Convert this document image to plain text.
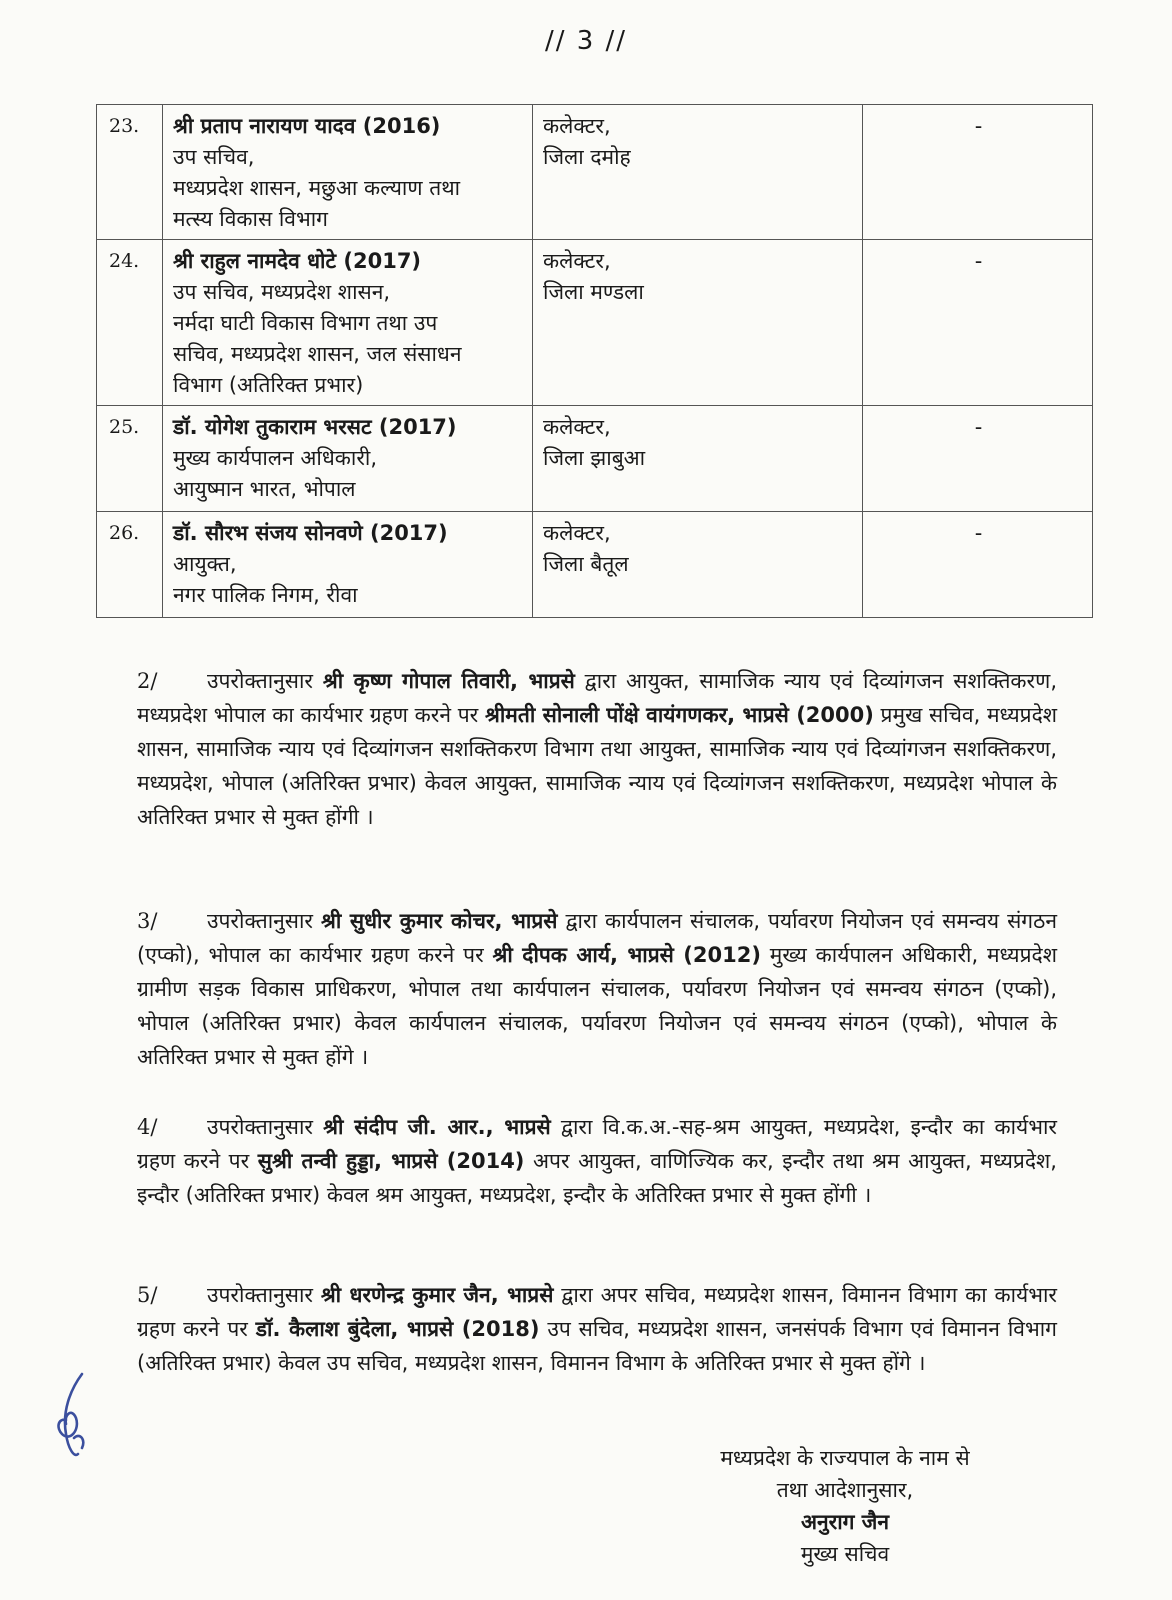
// 3 //
23.	श्री प्रताप नारायण यादव (2016)
उप सचिव,
मध्यप्रदेश शासन, मछुआ कल्याण तथा
मत्स्य विकास विभाग	कलेक्टर,
जिला दमोह	-
24.	श्री राहुल नामदेव धोटे (2017)
उप सचिव, मध्यप्रदेश शासन,
नर्मदा घाटी विकास विभाग तथा उप
सचिव, मध्यप्रदेश शासन, जल संसाधन
विभाग (अतिरिक्त प्रभार)	कलेक्टर,
जिला मण्डला	-
25.	डॉ. योगेश तुकाराम भरसट (2017)
मुख्य कार्यपालन अधिकारी,
आयुष्मान भारत, भोपाल	कलेक्टर,
जिला झाबुआ	-
26.	डॉ. सौरभ संजय सोनवणे (2017)
आयुक्त,
नगर पालिक निगम, रीवा	कलेक्टर,
जिला बैतूल	-
2/ उपरोक्तानुसार श्री कृष्ण गोपाल तिवारी, भाप्रसे द्वारा आयुक्त, सामाजिक न्याय एवं दिव्यांगजन सशक्तिकरण, मध्यप्रदेश भोपाल का कार्यभार ग्रहण करने पर श्रीमती सोनाली पोंक्षे वायंगणकर, भाप्रसे (2000) प्रमुख सचिव, मध्यप्रदेश शासन, सामाजिक न्याय एवं दिव्यांगजन सशक्तिकरण विभाग तथा आयुक्त, सामाजिक न्याय एवं दिव्यांगजन सशक्तिकरण, मध्यप्रदेश, भोपाल (अतिरिक्त प्रभार) केवल आयुक्त, सामाजिक न्याय एवं दिव्यांगजन सशक्तिकरण, मध्यप्रदेश भोपाल के अतिरिक्त प्रभार से मुक्त होंगी ।
3/ उपरोक्तानुसार श्री सुधीर कुमार कोचर, भाप्रसे द्वारा कार्यपालन संचालक, पर्यावरण नियोजन एवं समन्वय संगठन (एप्को), भोपाल का कार्यभार ग्रहण करने पर श्री दीपक आर्य, भाप्रसे (2012) मुख्य कार्यपालन अधिकारी, मध्यप्रदेश ग्रामीण सड़क विकास प्राधिकरण, भोपाल तथा कार्यपालन संचालक, पर्यावरण नियोजन एवं समन्वय संगठन (एप्को), भोपाल (अतिरिक्त प्रभार) केवल कार्यपालन संचालक, पर्यावरण नियोजन एवं समन्वय संगठन (एप्को), भोपाल के अतिरिक्त प्रभार से मुक्त होंगे ।
4/ उपरोक्तानुसार श्री संदीप जी. आर., भाप्रसे द्वारा वि.क.अ.-सह-श्रम आयुक्त, मध्यप्रदेश, इन्दौर का कार्यभार ग्रहण करने पर सुश्री तन्वी हुड्डा, भाप्रसे (2014) अपर आयुक्त, वाणिज्यिक कर, इन्दौर तथा श्रम आयुक्त, मध्यप्रदेश, इन्दौर (अतिरिक्त प्रभार) केवल श्रम आयुक्त, मध्यप्रदेश, इन्दौर के अतिरिक्त प्रभार से मुक्त होंगी ।
5/ उपरोक्तानुसार श्री धरणेन्द्र कुमार जैन, भाप्रसे द्वारा अपर सचिव, मध्यप्रदेश शासन, विमानन विभाग का कार्यभार ग्रहण करने पर डॉ. कैलाश बुंदेला, भाप्रसे (2018) उप सचिव, मध्यप्रदेश शासन, जनसंपर्क विभाग एवं विमानन विभाग (अतिरिक्त प्रभार) केवल उप सचिव, मध्यप्रदेश शासन, विमानन विभाग के अतिरिक्त प्रभार से मुक्त होंगे ।
मध्यप्रदेश के राज्यपाल के नाम से
तथा आदेशानुसार,
अनुराग जैन
मुख्य सचिव
